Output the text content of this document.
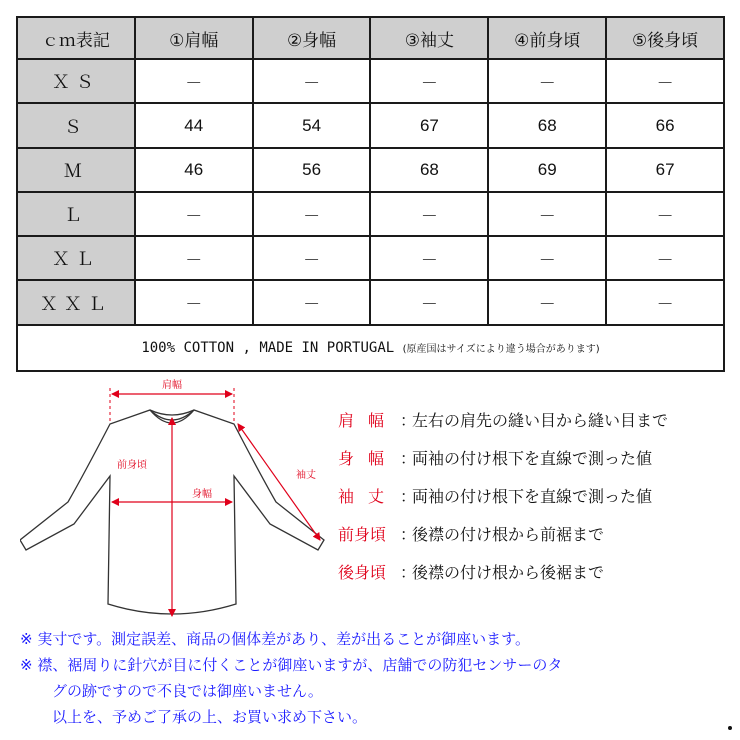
ｃｍ表記	①肩幅	②身幅	③袖丈	④前身頃	⑤後身頃
ＸＳ	－	－	－	－	－
Ｓ	44	54	67	68	66
Ｍ	46	56	68	69	67
Ｌ	－	－	－	－	－
ＸＬ	－	－	－	－	－
ＸＸＬ	－	－	－	－	－
100% COTTON , MADE IN PORTUGAL (原産国はサイズにより違う場合があります)					
肩幅
前身頃
身幅
袖丈
肩幅 ：
左右の肩先の縫い目から縫い目まで
身幅 ：
両袖の付け根下を直線で測った値
袖丈 ：
両袖の付け根下を直線で測った値
前身頃 ：
後襟の付け根から前裾まで
後身頃 ：
後襟の付け根から後裾まで
※ 実寸です。測定誤差、商品の個体差があり、差が出ることが御座います。
※ 襟、裾周りに針穴が目に付くことが御座いますが、店舗での防犯センサーのタ
グの跡ですので不良では御座いません。
以上を、予めご了承の上、お買い求め下さい。
